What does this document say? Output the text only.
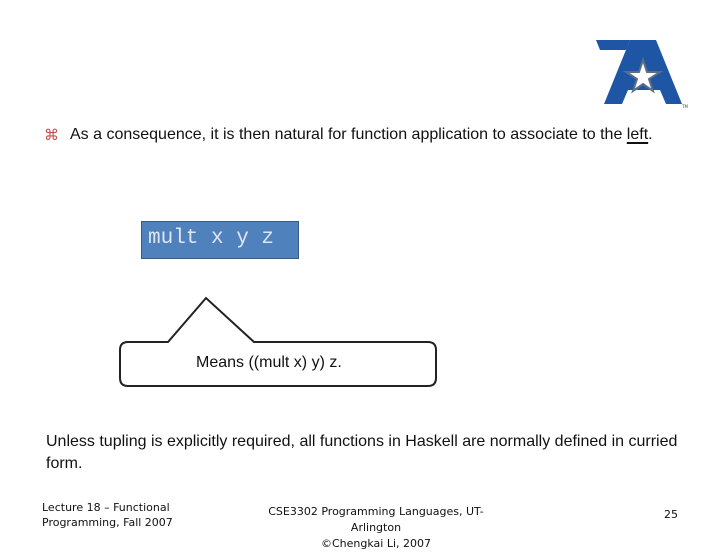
TM
⌘ As a consequence, it is then natural for function application to associate to the left.
mult x y z
Means ((mult x) y) z.
Unless tupling is explicitly required, all functions in Haskell are normally defined in curried form.
Lecture 18 – Functional
Programming, Fall 2007
CSE3302 Programming Languages, UT-Arlington
©Chengkai Li, 2007
25
